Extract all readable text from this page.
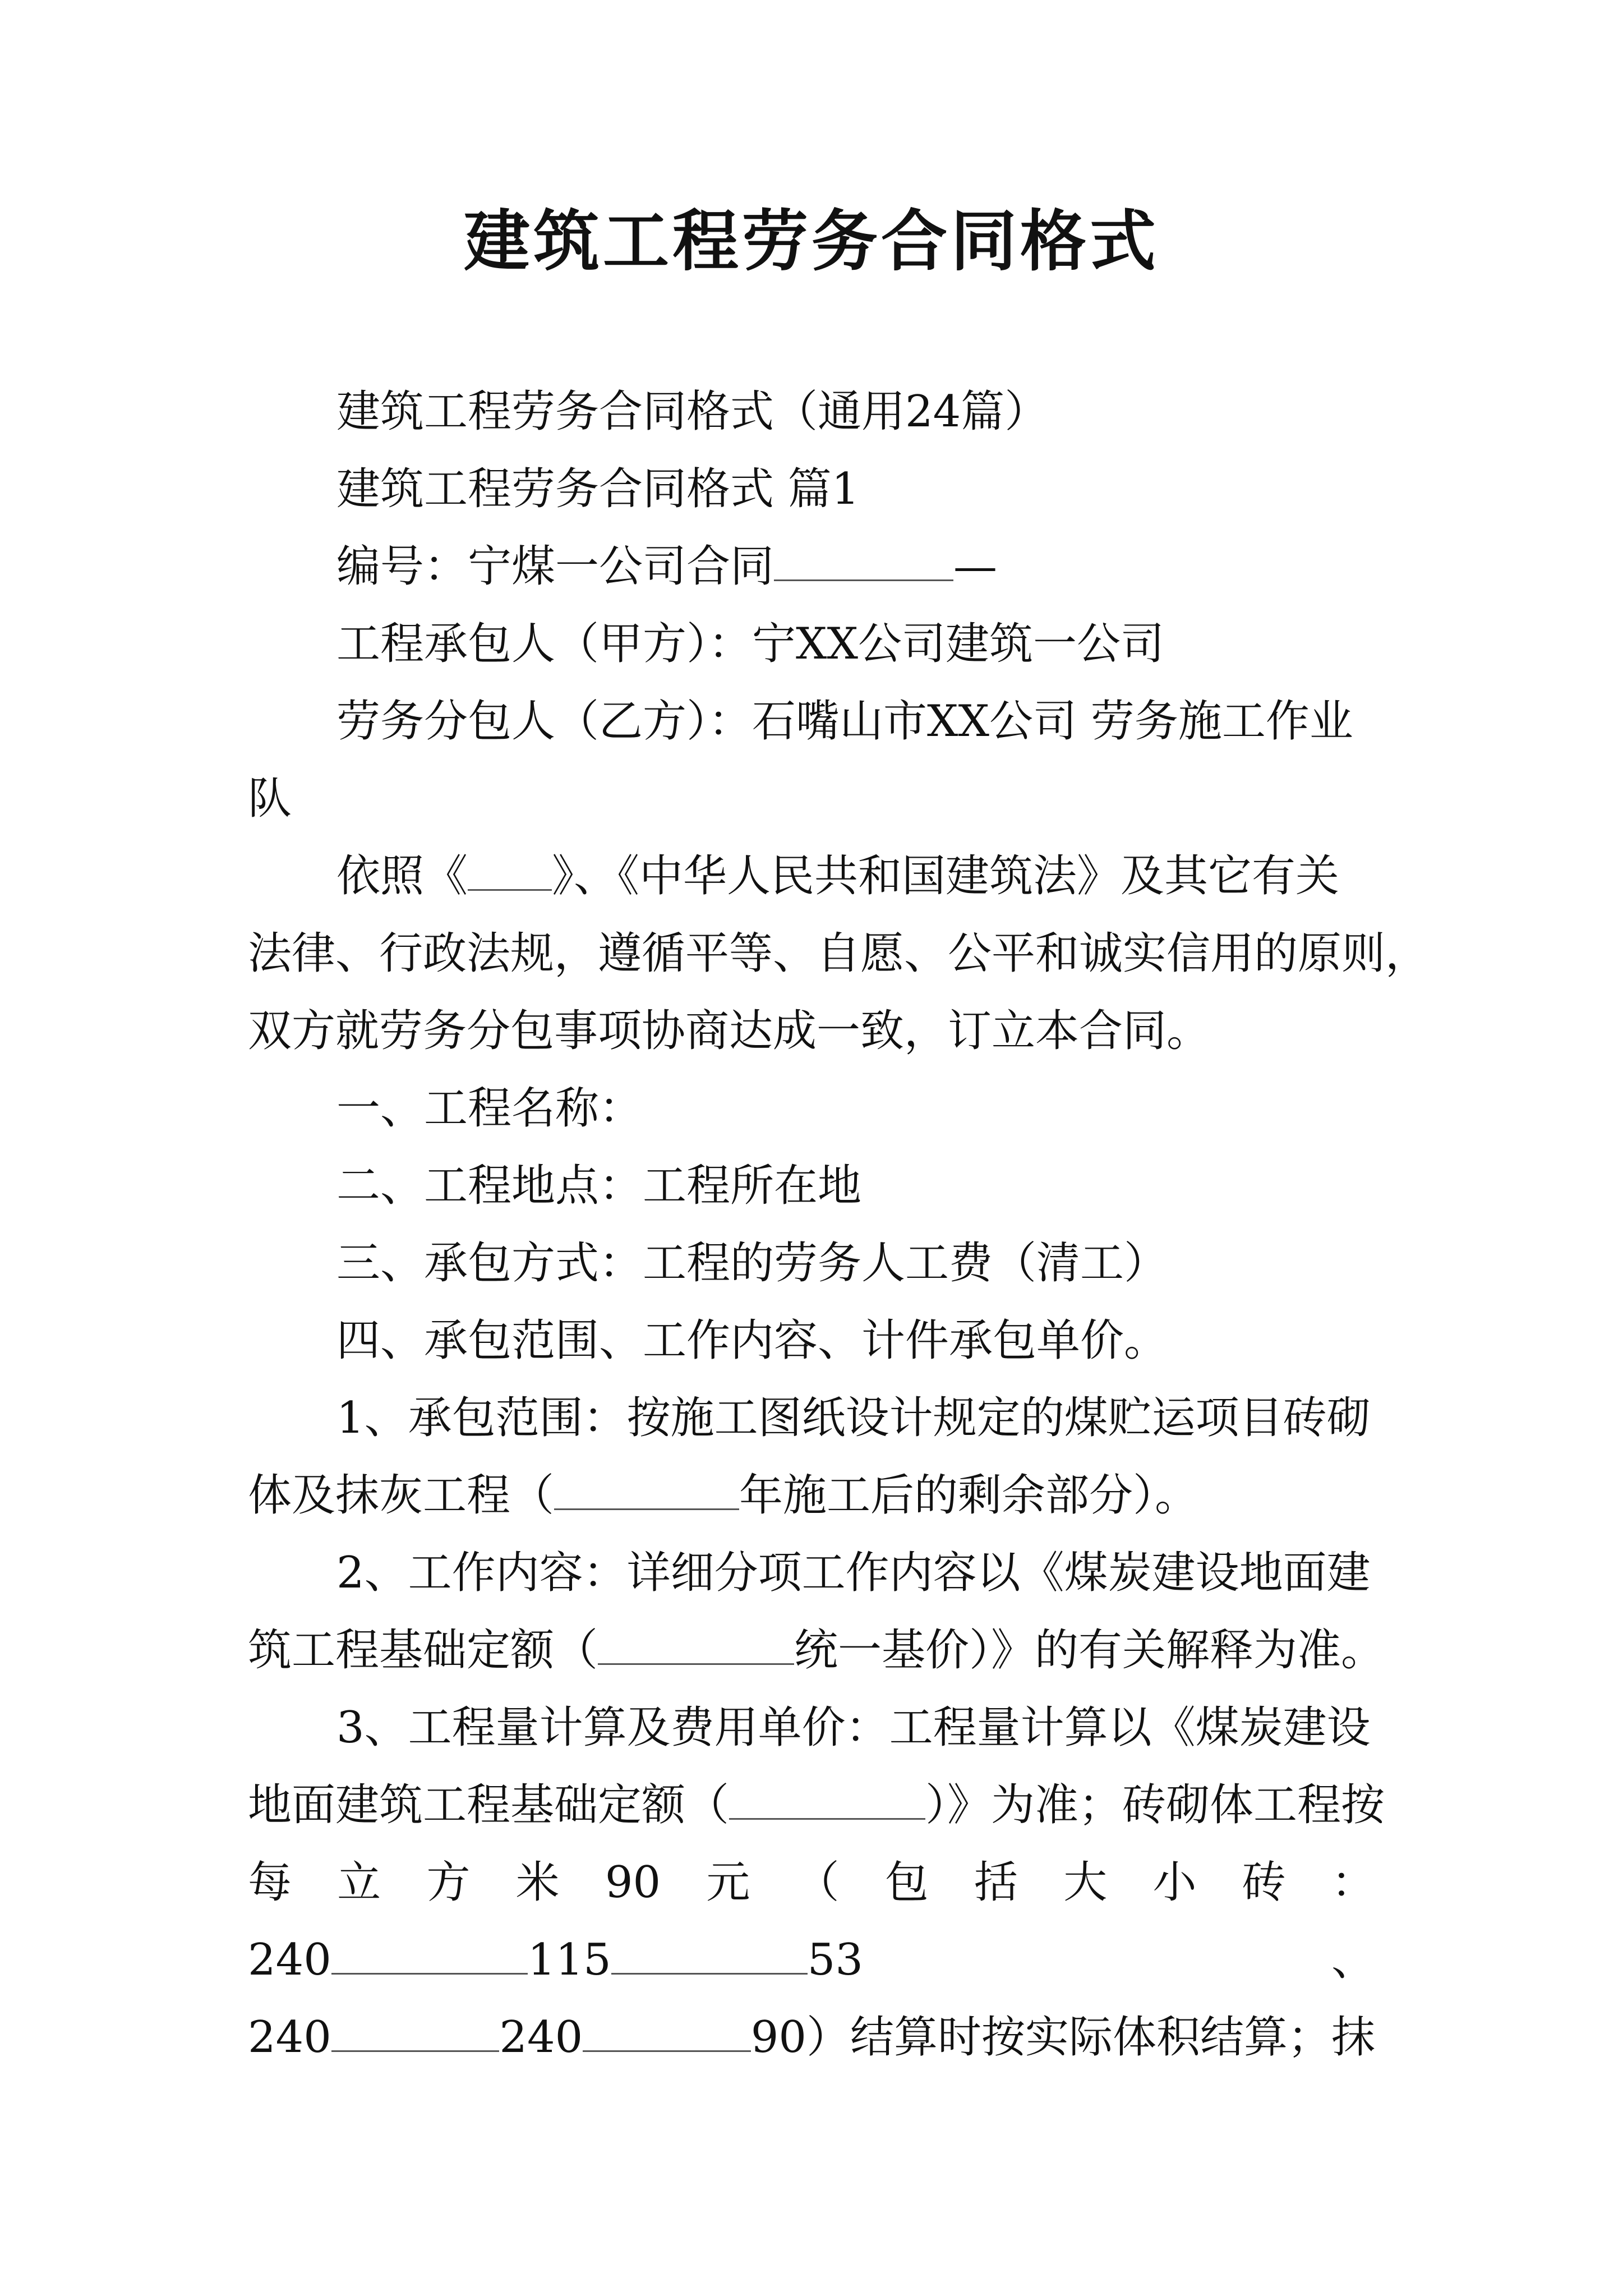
建筑工程劳务合同格式
建筑工程劳务合同格式（通用24篇）
建筑工程劳务合同格式 篇1
编号：宁煤一公司合同	—
工程承包人（甲方）：宁XX公司建筑一公司
劳务分包人（乙方）：石嘴山市XX公司 劳务施工作业
队
依照《 》、《中华人民共和国建筑法》及其它有关
法律、行政法规，遵循平等、自愿、公平和诚实信用的原则，
双方就劳务分包事项协商达成一致，订立本合同。
一、工程名称：
二、工程地点：工程所在地
三、承包方式：工程的劳务人工费（清工）
四、承包范围、工作内容、计件承包单价。
1、承包范围：按施工图纸设计规定的煤贮运项目砖砌
体及抹灰工程（	年施工后的剩余部分）。
2、工作内容：详细分项工作内容以《煤炭建设地面建
筑工程基础定额（	统一基价）》的有关解释为准。
3、工程量计算及费用单价：工程量计算以《煤炭建设
地面建筑工程基础定额（	）》为准；砖砌体工程按
每 立 方 米 90 元 （ 包 括 大 小 砖 ：
240	115	53	、
240	240	90）结算时按实际体积结算；抹
